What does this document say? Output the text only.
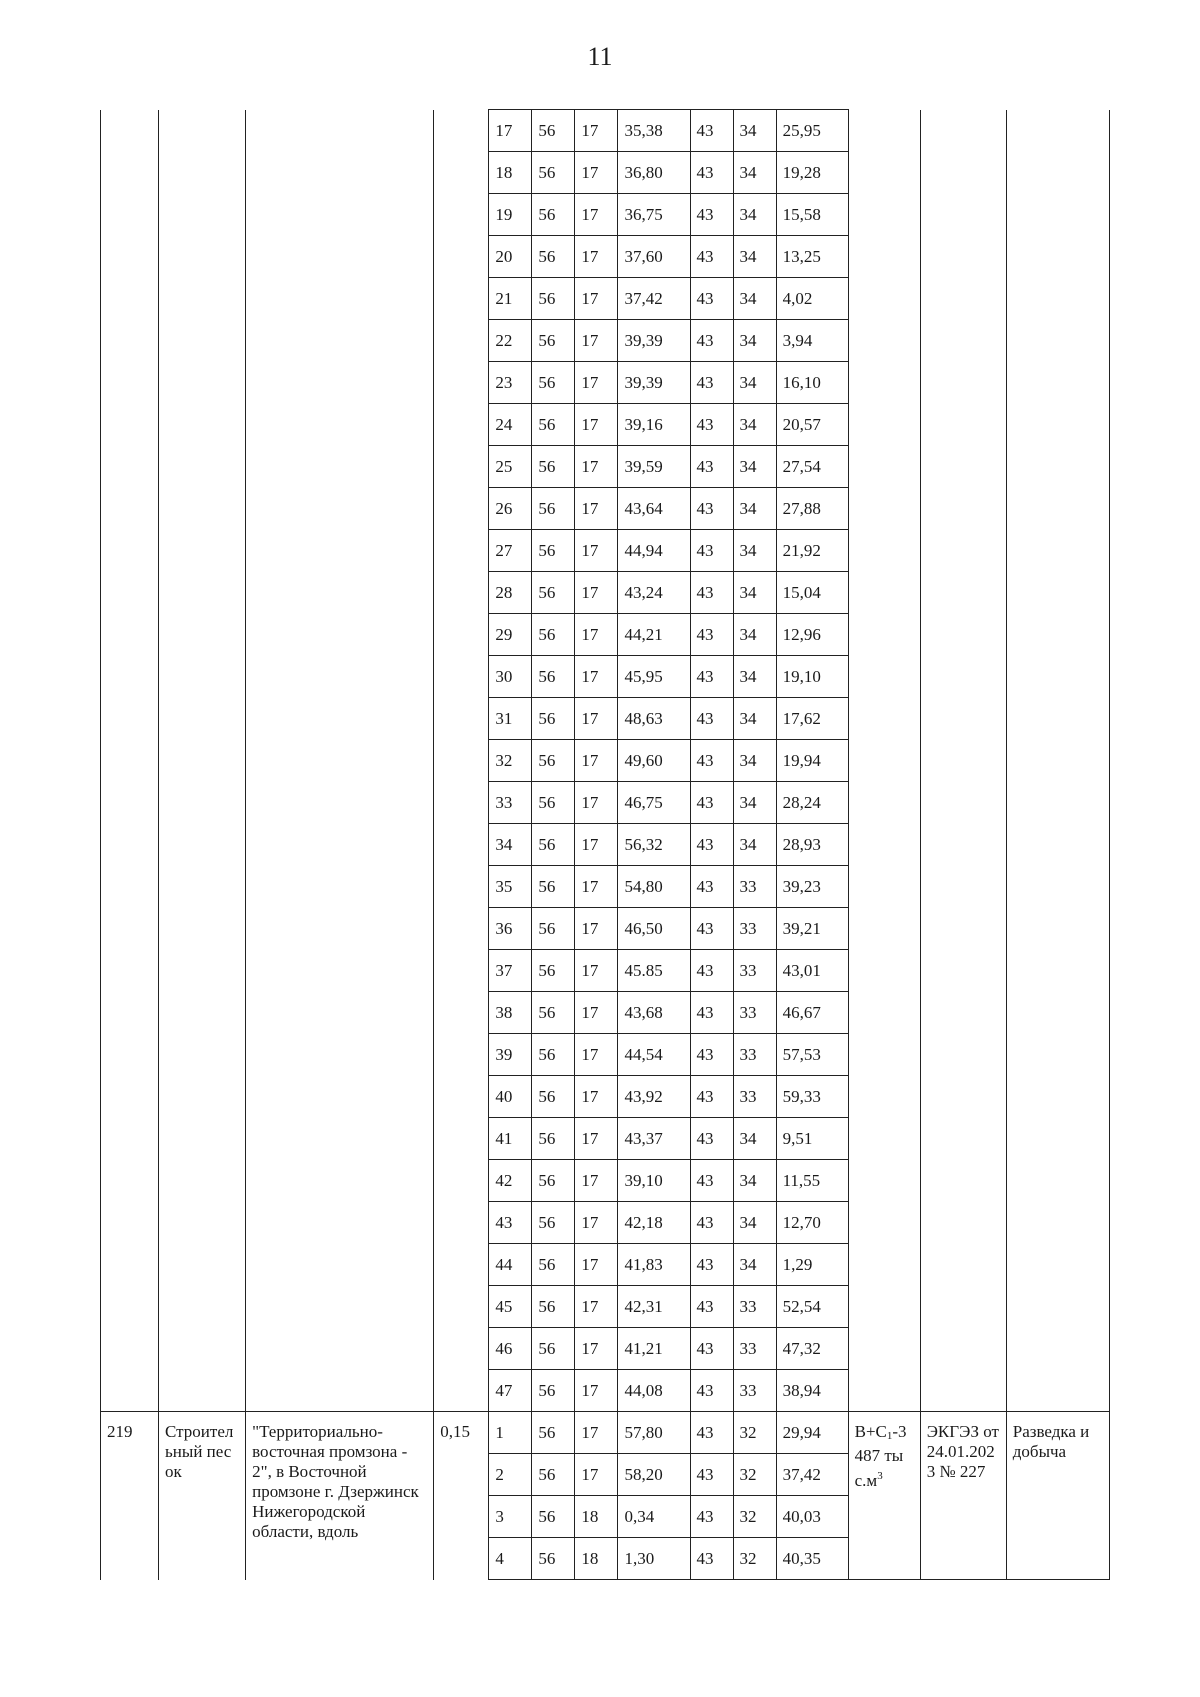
11
				17	56	17	35,38	43	34	25,95			
				18	56	17	36,80	43	34	19,28			
				19	56	17	36,75	43	34	15,58			
				20	56	17	37,60	43	34	13,25			
				21	56	17	37,42	43	34	4,02			
				22	56	17	39,39	43	34	3,94			
				23	56	17	39,39	43	34	16,10			
				24	56	17	39,16	43	34	20,57			
				25	56	17	39,59	43	34	27,54			
				26	56	17	43,64	43	34	27,88			
				27	56	17	44,94	43	34	21,92			
				28	56	17	43,24	43	34	15,04			
				29	56	17	44,21	43	34	12,96			
				30	56	17	45,95	43	34	19,10			
				31	56	17	48,63	43	34	17,62			
				32	56	17	49,60	43	34	19,94			
				33	56	17	46,75	43	34	28,24			
				34	56	17	56,32	43	34	28,93			
				35	56	17	54,80	43	33	39,23			
				36	56	17	46,50	43	33	39,21			
				37	56	17	45.85	43	33	43,01			
				38	56	17	43,68	43	33	46,67			
				39	56	17	44,54	43	33	57,53			
				40	56	17	43,92	43	33	59,33			
				41	56	17	43,37	43	34	9,51			
				42	56	17	39,10	43	34	11,55			
				43	56	17	42,18	43	34	12,70			
				44	56	17	41,83	43	34	1,29			
				45	56	17	42,31	43	33	52,54			
				46	56	17	41,21	43	33	47,32			
				47	56	17	44,08	43	33	38,94			
219	Строительный песок	"Территориально-восточная промзона - 2", в Восточной промзоне г. Дзержинск Нижегородской области, вдоль	0,15	1	56	17	57,80	43	32	29,94	$B+C_1-3487$ $тыс.м^3$	ЭКГЭЗ от 24.01.2023 № 227	Разведка и добыча
				2	56	17	58,20	43	32	37,42			
				3	56	18	0,34	43	32	40,03			
				4	56	18	1,30	43	32	40,35			
